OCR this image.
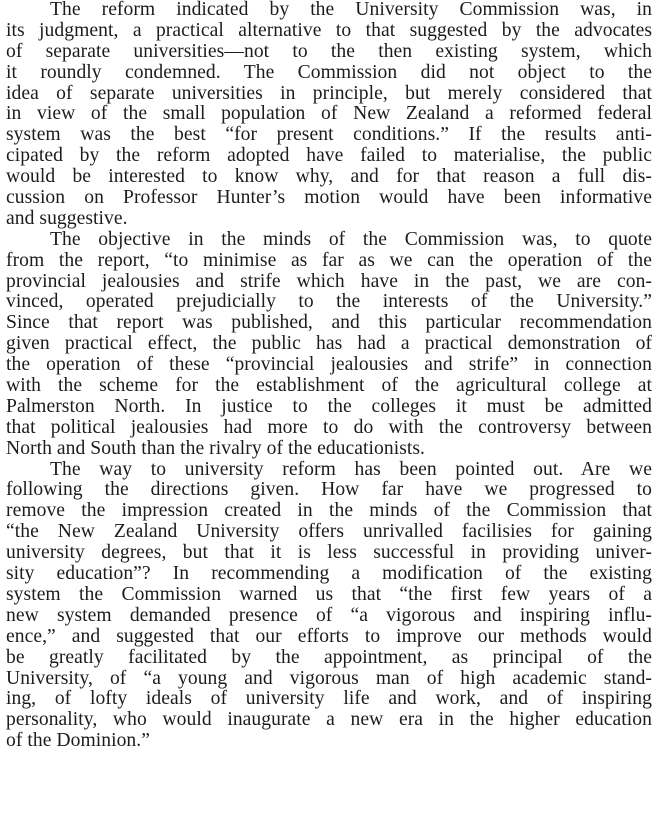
The reform indicated by the University Commission was, in
its judgment, a practical alternative to that suggested by the advocates
of separate universities—not to the then existing system, which
it roundly condemned. The Commission did not object to the
idea of separate universities in principle, but merely considered that
in view of the small population of New Zealand a reformed federal
system was the best “for present conditions.” If the results anti-
cipated by the reform adopted have failed to materialise, the public
would be interested to know why, and for that reason a full dis-
cussion on Professor Hunter’s motion would have been informative
and suggestive.
The objective in the minds of the Commission was, to quote
from the report, “to minimise as far as we can the operation of the
provincial jealousies and strife which have in the past, we are con-
vinced, operated prejudicially to the interests of the University.”
Since that report was published, and this particular recommendation
given practical effect, the public has had a practical demonstration of
the operation of these “provincial jealousies and strife” in connection
with the scheme for the establishment of the agricultural college at
Palmerston North. In justice to the colleges it must be admitted
that political jealousies had more to do with the controversy between
North and South than the rivalry of the educationists.
The way to university reform has been pointed out. Are we
following the directions given. How far have we progressed to
remove the impression created in the minds of the Commission that
“the New Zealand University offers unrivalled facilisies for gaining
university degrees, but that it is less successful in providing univer-
sity education”? In recommending a modification of the existing
system the Commission warned us that “the first few years of a
new system demanded presence of “a vigorous and inspiring influ-
ence,” and suggested that our efforts to improve our methods would
be greatly facilitated by the appointment, as principal of the
University, of “a young and vigorous man of high academic stand-
ing, of lofty ideals of university life and work, and of inspiring
personality, who would inaugurate a new era in the higher education
of the Dominion.”
